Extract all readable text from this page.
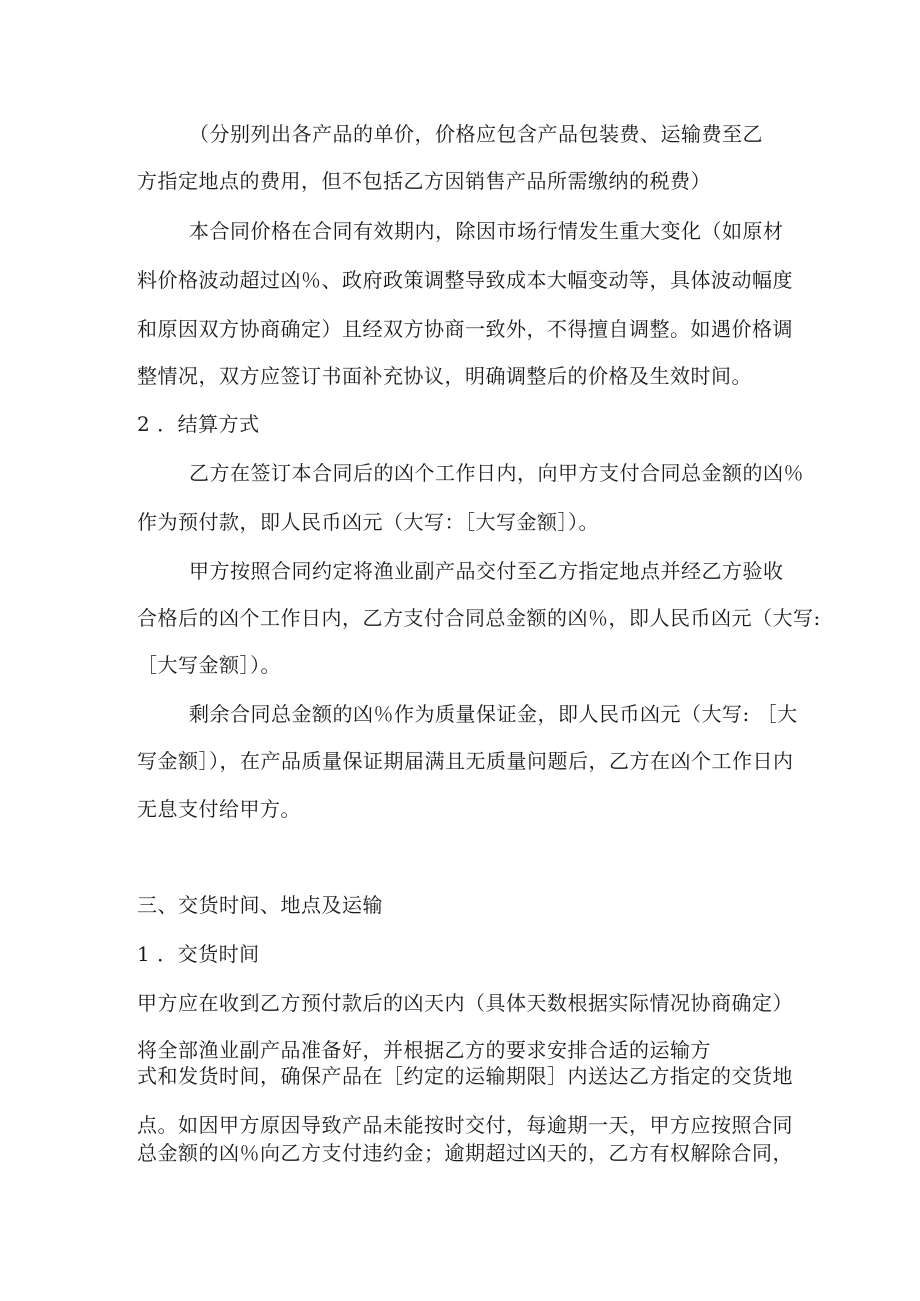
（分别列出各产品的单价，价格应包含产品包装费、运输费至乙

方指定地点的费用，但不包括乙方因销售产品所需缴纳的税费）

本合同价格在合同有效期内，除因市场行情发生重大变化（如原材

料价格波动超过凶％、政府政策调整导致成本大幅变动等，具体波动幅度

和原因双方协商确定）且经双方协商一致外，不得擅自调整。如遇价格调

整情况，双方应签订书面补充协议，明确调整后的价格及生效时间。

2 ．结算方式

乙方在签订本合同后的凶个工作日内，向甲方支付合同总金额的凶％

作为预付款，即人民币凶元（大写：［大写金额］）。

甲方按照合同约定将渔业副产品交付至乙方指定地点并经乙方验收

合格后的凶个工作日内，乙方支付合同总金额的凶％，即人民币凶元（大写:

［大写金额］）。

剩余合同总金额的凶％作为质量保证金，即人民币凶元（大写: ［大

写金额］），在产品质量保证期届满且无质量问题后，乙方在凶个工作日内

无息支付给甲方。

三、交货时间、地点及运输

1 ．交货时间

甲方应在收到乙方预付款后的凶天内（具体天数根据实际情况协商确定）

将全部渔业副产品准备好，并根据乙方的要求安排合适的运输方

式和发货时间，确保产品在［约定的运输期限］内送达乙方指定的交货地

点。如因甲方原因导致产品未能按时交付，每逾期一天，甲方应按照合同

总金额的凶％向乙方支付违约金；逾期超过凶天的，乙方有权解除合同，
